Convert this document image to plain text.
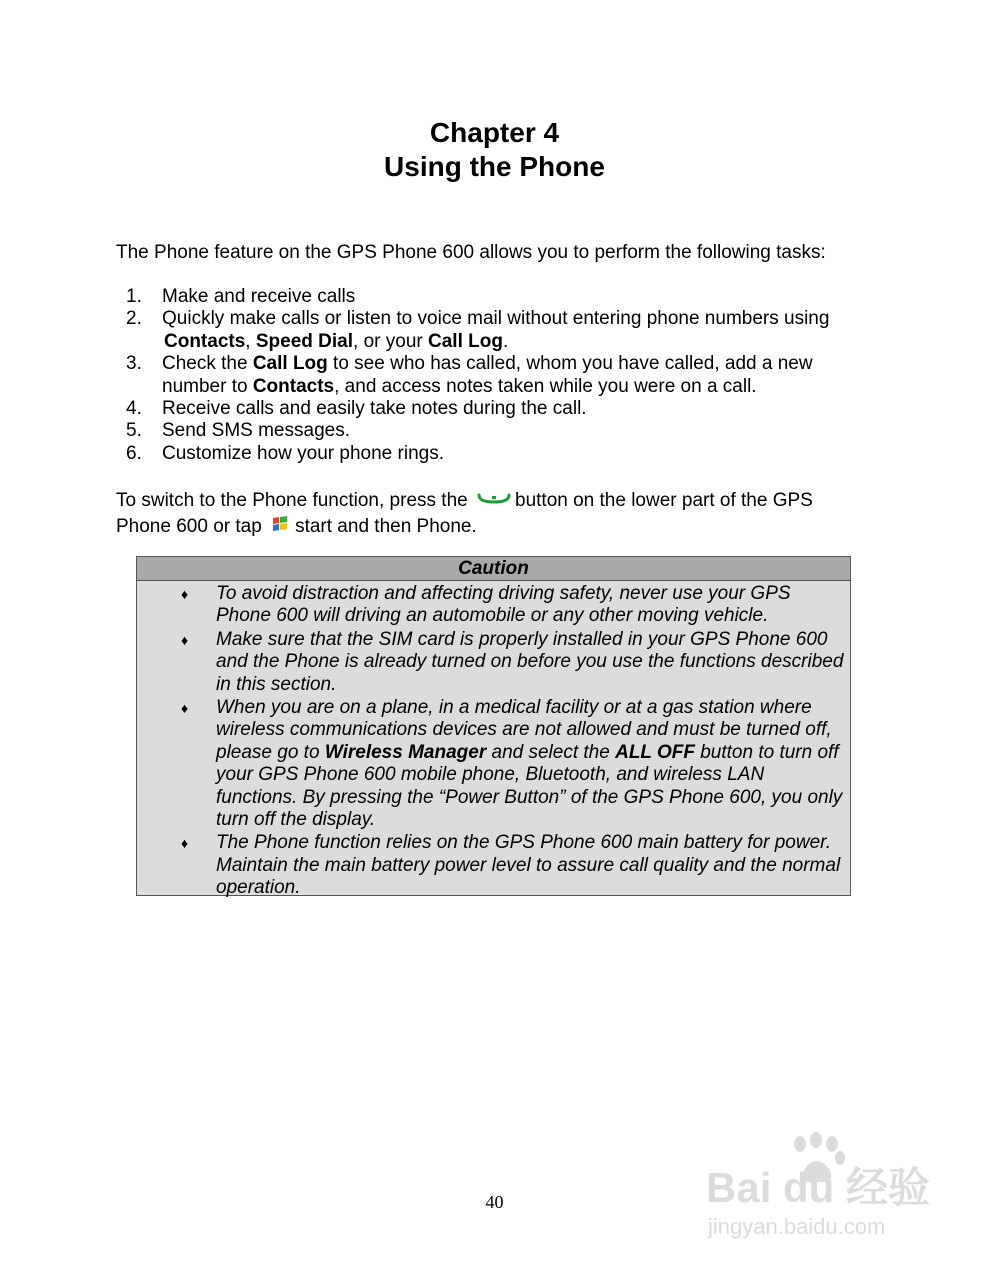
Chapter 4
Using the Phone

The Phone feature on the GPS Phone 600 allows you to perform the following tasks:

1. Make and receive calls
2. Quickly make calls or listen to voice mail without entering phone numbers using
Contacts, Speed Dial, or your Call Log.
3. Check the Call Log to see who has called, whom you have called, add a new number to Contacts, and access notes taken while you were on a call.
4. Receive calls and easily take notes during the call.
5. Send SMS messages.
6. Customize how your phone rings.
To switch to the Phone function, press the button on the lower part of the GPS Phone 600 or tap start and then Phone.
Caution
♦ To avoid distraction and affecting driving safety, never use your GPS Phone 600 will driving an automobile or any other moving vehicle.
♦ Make sure that the SIM card is properly installed in your GPS Phone 600 and the Phone is already turned on before you use the functions described in this section.
♦ When you are on a plane, in a medical facility or at a gas station where wireless communications devices are not allowed and must be turned off, please go to Wireless Manager and select the ALL OFF button to turn off your GPS Phone 600 mobile phone, Bluetooth, and wireless LAN functions. By pressing the “Power Button” of the GPS Phone 600, you only turn off the display.
♦ The Phone function relies on the GPS Phone 600 main battery for power. Maintain the main battery power level to assure call quality and the normal operation.
40	Bai du 经验
jingyan.baidu.com
